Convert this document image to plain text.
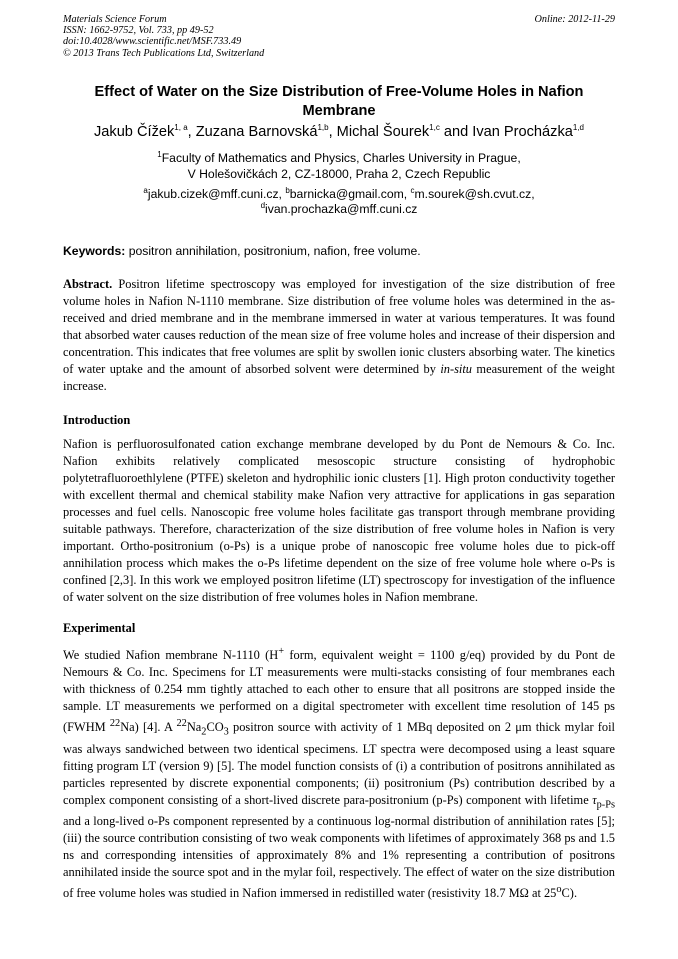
Materials Science Forum
ISSN: 1662-9752, Vol. 733, pp 49-52
doi:10.4028/www.scientific.net/MSF.733.49
© 2013 Trans Tech Publications Ltd, Switzerland
Online: 2012-11-29
Effect of Water on the Size Distribution of Free-Volume Holes in Nafion Membrane
Jakub Čížek$^{1, a}$, Zuzana Barnovská$^{1,b}$, Michal Šourek$^{1,c}$ and Ivan Procházka$^{1,d}$
$^1$Faculty of Mathematics and Physics, Charles University in Prague,
V Holešovičkách 2, CZ-18000, Praha 2, Czech Republic
$^a$jakub.cizek@mff.cuni.cz, $^b$barnicka@gmail.com, $^c$m.sourek@sh.cvut.cz,
$^d$ivan.prochazka@mff.cuni.cz
Keywords: positron annihilation, positronium, nafion, free volume.

Abstract. Positron lifetime spectroscopy was employed for investigation of the size distribution of free volume holes in Nafion N-1110 membrane. Size distribution of free volume holes was determined in the as-received and dried membrane and in the membrane immersed in water at various temperatures. It was found that absorbed water causes reduction of the mean size of free volume holes and increase of their dispersion and concentration. This indicates that free volumes are split by swollen ionic clusters absorbing water. The kinetics of water uptake and the amount of absorbed solvent were determined by in-situ measurement of the weight increase.

Introduction

Nafion is perfluorosulfonated cation exchange membrane developed by du Pont de Nemours & Co. Inc. Nafion exhibits relatively complicated mesoscopic structure consisting of hydrophobic polytetrafluoroethlylene (PTFE) skeleton and hydrophilic ionic clusters [1]. High proton conductivity together with excellent thermal and chemical stability make Nafion very attractive for applications in gas separation processes and fuel cells. Nanoscopic free volume holes facilitate gas transport through membrane providing suitable pathways. Therefore, characterization of the size distribution of free volume holes in Nafion is very important. Ortho-positronium (o-Ps) is a unique probe of nanoscopic free volume holes due to pick-off annihilation process which makes the o-Ps lifetime dependent on the size of free volume hole where o-Ps is confined [2,3]. In this work we employed positron lifetime (LT) spectroscopy for investigation of the influence of water solvent on the size distribution of free volumes holes in Nafion membrane.

Experimental

We studied Nafion membrane N-1110 (H+ form, equivalent weight = 1100 g/eq) provided by du Pont de Nemours & Co. Inc. Specimens for LT measurements were multi-stacks consisting of four membranes each with thickness of 0.254 mm tightly attached to each other to ensure that all positrons are stopped inside the sample. LT measurements we performed on a digital spectrometer with excellent time resolution of 145 ps (FWHM $^{22}$Na) [4]. A $^{22}Na_2CO_3$ positron source with activity of 1 MBq deposited on 2 μm thick mylar foil was always sandwiched between two identical specimens. LT spectra were decomposed using a least square fitting program LT (version 9) [5]. The model function consists of (i) a contribution of positrons annihilated as particles represented by discrete exponential components; (ii) positronium (Ps) contribution described by a complex component consisting of a short-lived discrete para-positronium (p-Ps) component with lifetime $\tau_{p-Ps}$ and a long-lived o-Ps component represented by a continuous log-normal distribution of annihilation rates [5]; (iii) the source contribution consisting of two weak components with lifetimes of approximately 368 ps and 1.5 ns and corresponding intensities of approximately 8% and 1% representing a contribution of positrons annihilated inside the source spot and in the mylar foil, respectively. The effect of water on the size distribution of free volume holes was studied in Nafion immersed in redistilled water (resistivity 18.7 MΩ at 25$^o$C).
